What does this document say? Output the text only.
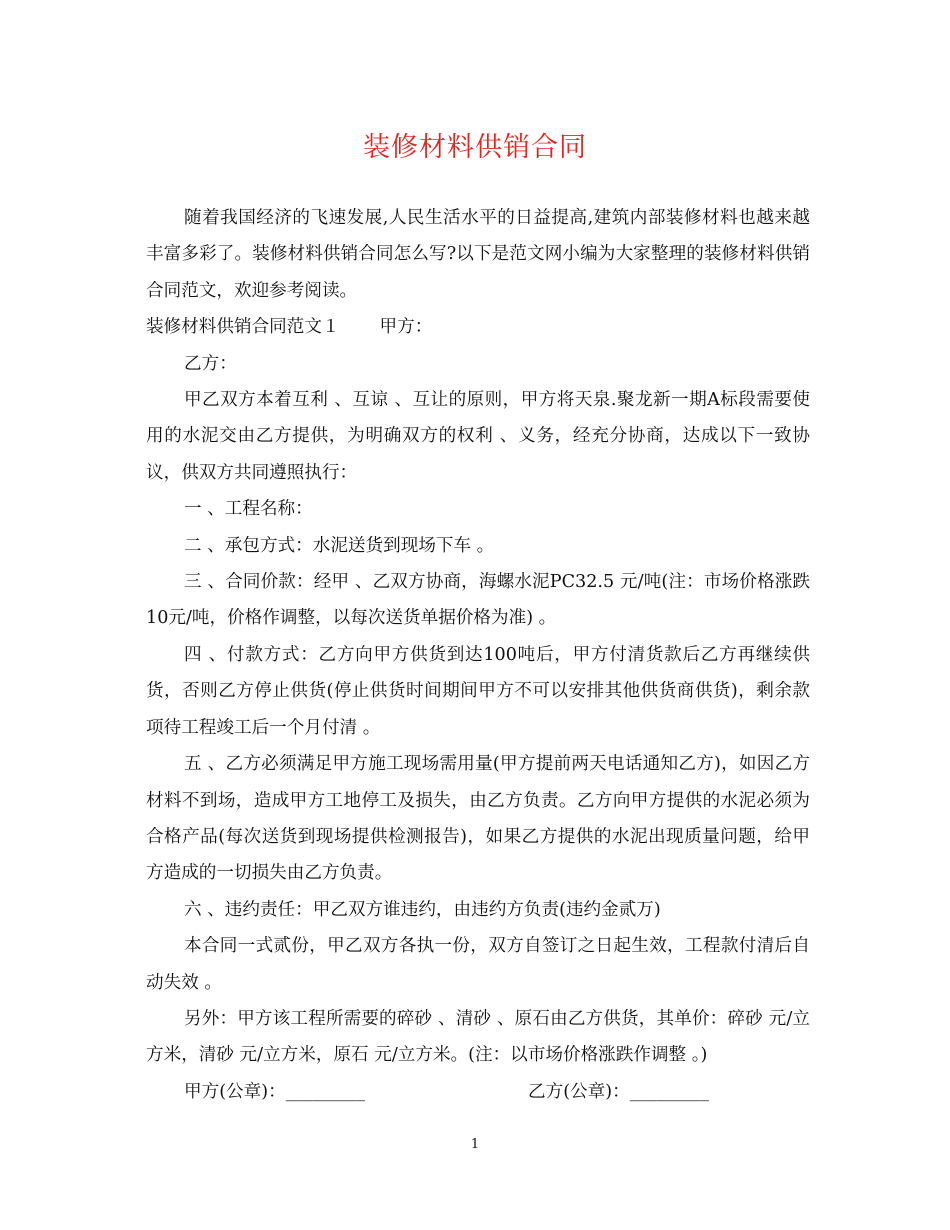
装修材料供销合同

随着我国经济的飞速发展,人民生活水平的日益提高,建筑内部装修材料也越来越丰富多彩了。装修材料供销合同怎么写?以下是范文网小编为大家整理的装修材料供销合同范文，欢迎参考阅读。

装修材料供销合同范文１ 甲方：

乙方：

甲乙双方本着互利 、互谅 、互让的原则，甲方将天泉.聚龙新一期A标段需要使用的水泥交由乙方提供，为明确双方的权利 、义务，经充分协商，达成以下一致协议，供双方共同遵照执行：

一 、工程名称：

二 、承包方式：水泥送货到现场下车 。

三 、合同价款：经甲 、乙双方协商，海螺水泥PC32.5 元/吨(注：市场价格涨跌10元/吨，价格作调整，以每次送货单据价格为准) 。

四 、付款方式：乙方向甲方供货到达100吨后，甲方付清货款后乙方再继续供货，否则乙方停止供货(停止供货时间期间甲方不可以安排其他供货商供货)，剩余款项待工程竣工后一个月付清 。

五 、乙方必须满足甲方施工现场需用量(甲方提前两天电话通知乙方)，如因乙方材料不到场，造成甲方工地停工及损失，由乙方负责。乙方向甲方提供的水泥必须为合格产品(每次送货到现场提供检测报告)，如果乙方提供的水泥出现质量问题，给甲方造成的一切损失由乙方负责。

六 、违约责任：甲乙双方谁违约，由违约方负责(违约金贰万)

本合同一式贰份，甲乙双方各执一份，双方自签订之日起生效，工程款付清后自动失效 。

另外：甲方该工程所需要的碎砂 、清砂 、原石由乙方供货，其单价：碎砂 元/立方米，清砂 元/立方米，原石 元/立方米。(注：以市场价格涨跌作调整 。)

甲方(公章)：_________	乙方(公章)：_________
1
